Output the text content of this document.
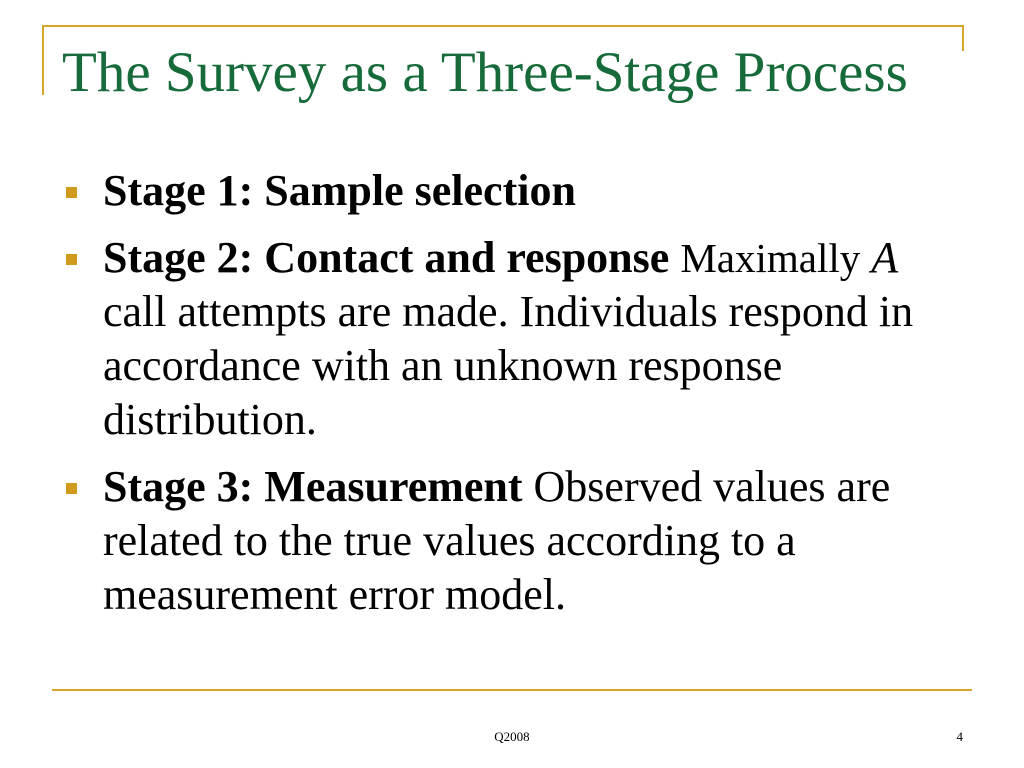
The Survey as a Three-Stage Process
Stage 1: Sample selection
Stage 2: Contact and response Maximally A
call attempts are made. Individuals respond in
accordance with an unknown response
distribution.
Stage 3: Measurement Observed values are
related to the true values according to a
measurement error model.
Q2008	4
